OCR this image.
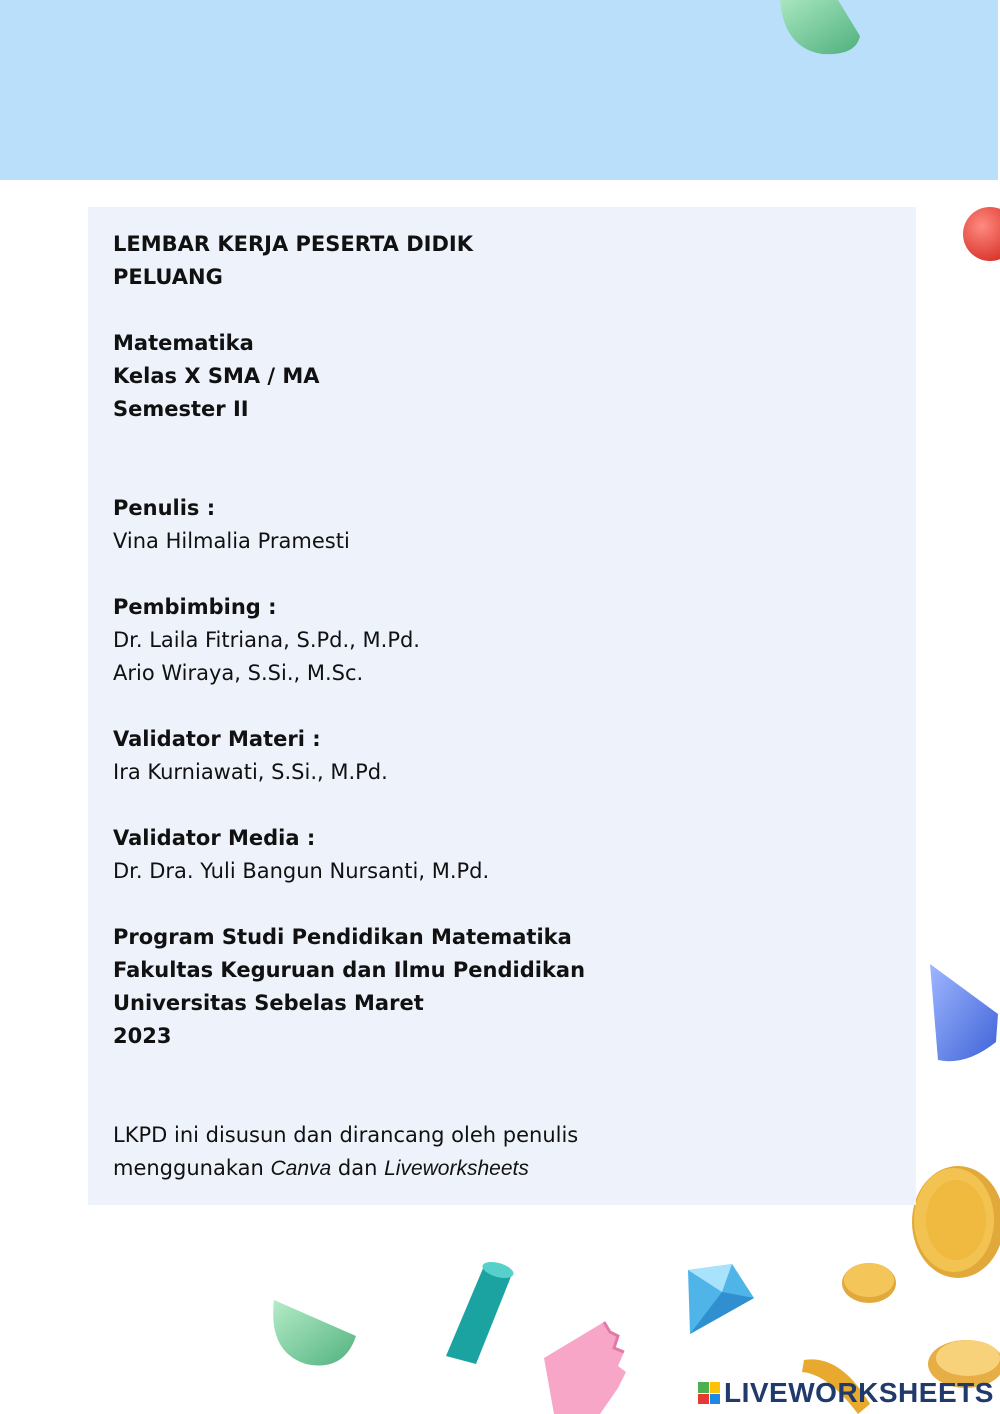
LEMBAR KERJA PESERTA DIDIK
PELUANG
Matematika
Kelas X SMA / MA
Semester II
Penulis :
Vina Hilmalia Pramesti
Pembimbing :
Dr. Laila Fitriana, S.Pd., M.Pd.
Ario Wiraya, S.Si., M.Sc.
Validator Materi :
Ira Kurniawati, S.Si., M.Pd.
Validator Media :
Dr. Dra. Yuli Bangun Nursanti, M.Pd.
Program Studi Pendidikan Matematika
Fakultas Keguruan dan Ilmu Pendidikan
Universitas Sebelas Maret
2023
LKPD ini disusun dan dirancang oleh penulis
menggunakan Canva dan Liveworksheets
LIVEWORKSHEETS
